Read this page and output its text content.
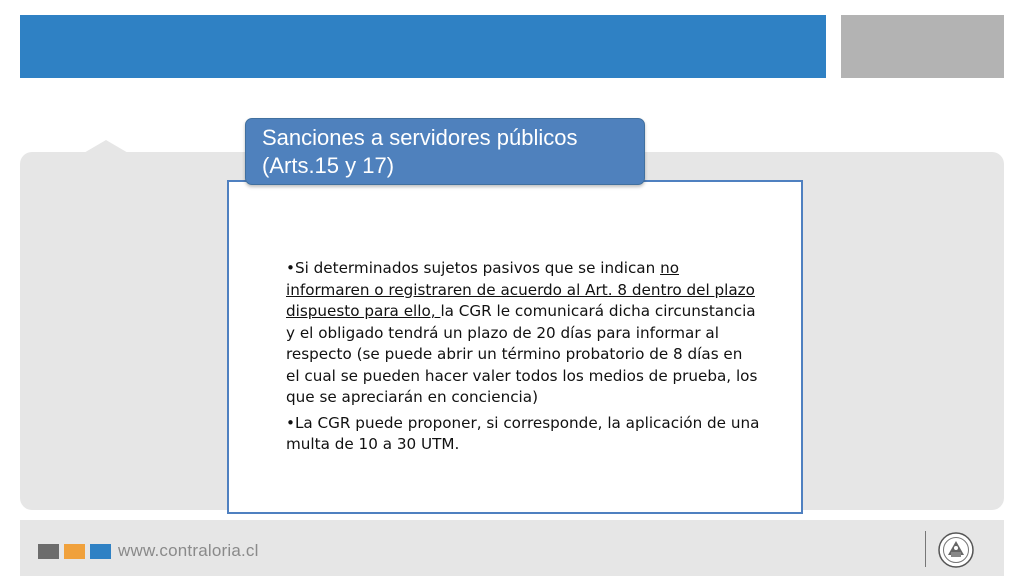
Sanciones a servidores públicos
(Arts.15 y 17)

•Si determinados sujetos pasivos que se indican no informaren o registraren de acuerdo al Art. 8 dentro del plazo dispuesto para ello, la CGR le comunicará dicha circunstancia y el obligado tendrá un plazo de 20 días para informar al respecto (se puede abrir un término probatorio de 8 días en el cual se pueden hacer valer todos los medios de prueba, los que se apreciarán en conciencia)

•La CGR puede proponer, si corresponde, la aplicación de una multa de 10 a 30 UTM.

www.contraloria.cl
